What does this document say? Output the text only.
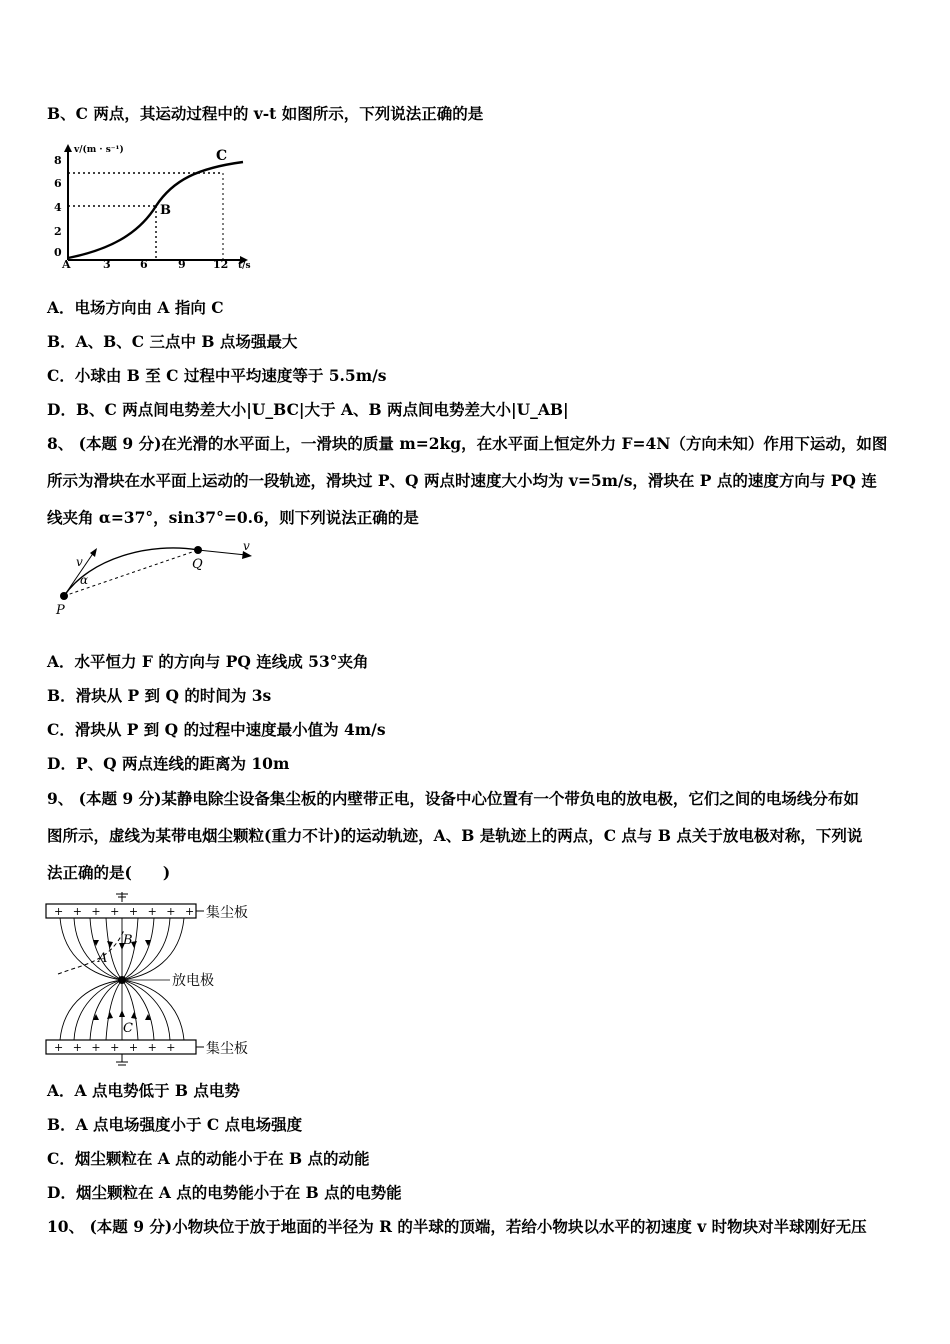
B、C 两点，其运动过程中的 v-t 如图所示，下列说法正确的是
v/(m · s⁻¹)
t/s
8
6
4
2
0
3	6	9 12
A
B
C
A．电场方向由 A 指向 C
B．A、B、C 三点中 B 点场强最大
C．小球由 B 至 C 过程中平均速度等于 5.5m/s
D．B、C 两点间电势差大小|U_BC|大于 A、B 两点间电势差大小|U_AB|
8、 (本题 9 分)在光滑的水平面上，一滑块的质量 m=2kg，在水平面上恒定外力 F=4N（方向未知）作用下运动，如图
所示为滑块在水平面上运动的一段轨迹，滑块过 P、Q 两点时速度大小均为 v=5m/s，滑块在 P 点的速度方向与 PQ 连
线夹角 α=37°，sin37°=0.6，则下列说法正确的是
v
α
v
P
Q
A．水平恒力 F 的方向与 PQ 连线成 53°夹角
B．滑块从 P 到 Q 的时间为 3s
C．滑块从 P 到 Q 的过程中速度最小值为 4m/s
D．P、Q 两点连线的距离为 10m
9、 (本题 9 分)某静电除尘设备集尘板的内壁带正电，设备中心位置有一个带负电的放电极，它们之间的电场线分布如
图所示，虚线为某带电烟尘颗粒(重力不计)的运动轨迹，A、B 是轨迹上的两点，C 点与 B 点关于放电极对称，下列说
法正确的是(　　)
+ + + + + + + + 集尘板
+ + + + + + + 集尘板
放电极
B
A
C
A．A 点电势低于 B 点电势
B．A 点电场强度小于 C 点电场强度
C．烟尘颗粒在 A 点的动能小于在 B 点的动能
D．烟尘颗粒在 A 点的电势能小于在 B 点的电势能
10、 (本题 9 分)小物块位于放于地面的半径为 R 的半球的顶端，若给小物块以水平的初速度 v 时物块对半球刚好无压
